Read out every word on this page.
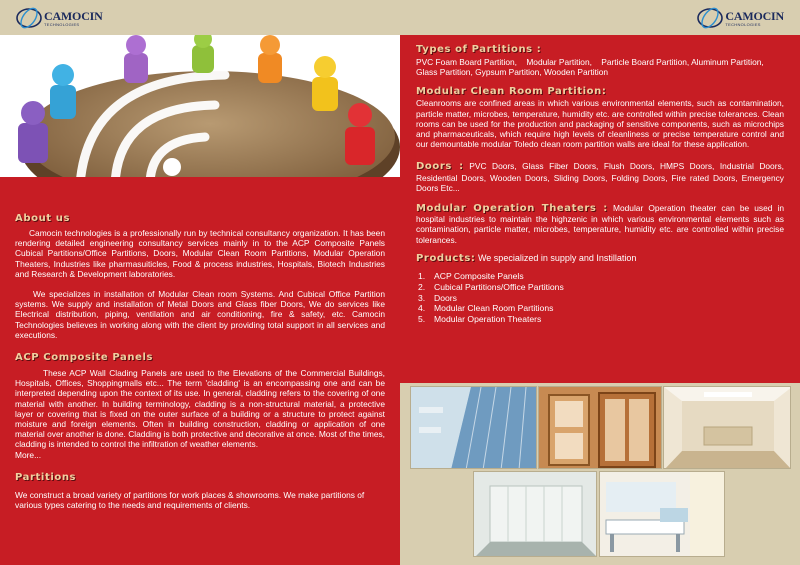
CAMOCIN
TECHNOLOGIES
CAMOCIN
TECHNOLOGIES
About us

Camocin technologies is a professionally run by technical consultancy organization. It has been rendering detailed engineering consultancy services mainly in to the ACP Composite Panels Cubical Partitions/Office Partitions, Doors, Modular Clean Room Partitions, Modular Operation Theaters, Industries like pharmasuiticles, Food & process industries, Hospitals, Biotech Industries and Research & Development laboratories.

We specializes in installation of Modular Clean room Systems. And Cubical Office Partition systems. We supply and installation of Metal Doors and Glass fiber Doors, We do services like Electrical distribution, piping, ventilation and air conditioning, fire & safety, etc. Camocin Technologies believes in working along with the client by providing total support in all services and executions.

ACP Composite Panels

These ACP Wall Clading Panels are used to the Elevations of the Commercial Buildings, Hospitals, Offices, Shoppingmalls etc... The term 'cladding' is an encompassing one and can be interpreted depending upon the context of its use. In general, cladding refers to the covering of one material with another. In building terminology, cladding is a non-structural material, a protective layer or covering that is fixed on the outer surface of a building or a structure to protect against moisture and foreign elements. Often in building construction, cladding or application of one material over another is done. Cladding is both protective and decorative at once. Most of the times, cladding is intended to control the infiltration of weather elements.

More...

Partitions

We construct a broad variety of partitions for work places & showrooms. We make partitions of various types catering to the needs and requirements of clients.

Types of Partitions :

PVC Foam Board Partition,    Modular Partition,    Particle Board Partition, Aluminum Partition, Glass Partition, Gypsum Partition, Wooden Partition

Modular Clean Room Partition:

Cleanrooms are confined areas in which various environmental elements, such as contamination, particle matter, microbes, temperature, humidity etc. are controlled within precise tolerances. Clean rooms can be used for the production and packaging of sensitive components, such as microchips and pharmaceuticals, which require high levels of cleanliness or precise temperature control and our demountable modular Toledo clean room partition walls are ideal for these application.

Doors : PVC Doors, Glass Fiber Doors, Flush Doors, HMPS Doors, Industrial Doors, Residential Doors, Wooden Doors, Sliding Doors, Folding Doors, Fire rated Doors, Emergency Doors Etc...

Modular Operation Theaters : Modular Operation theater can be used in hospital industries to maintain the highzenic in which various environmental elements such as contamination, particle matter, microbes, temperature, humidity etc. are controlled within precise tolerances.

Products: We specialized in supply and Instillation

1. ACP Composite Panels
2. Cubical Partitions/Office Partitions
3. Doors
4. Modular Clean Room Partitions
5. Modular Operation Theaters
